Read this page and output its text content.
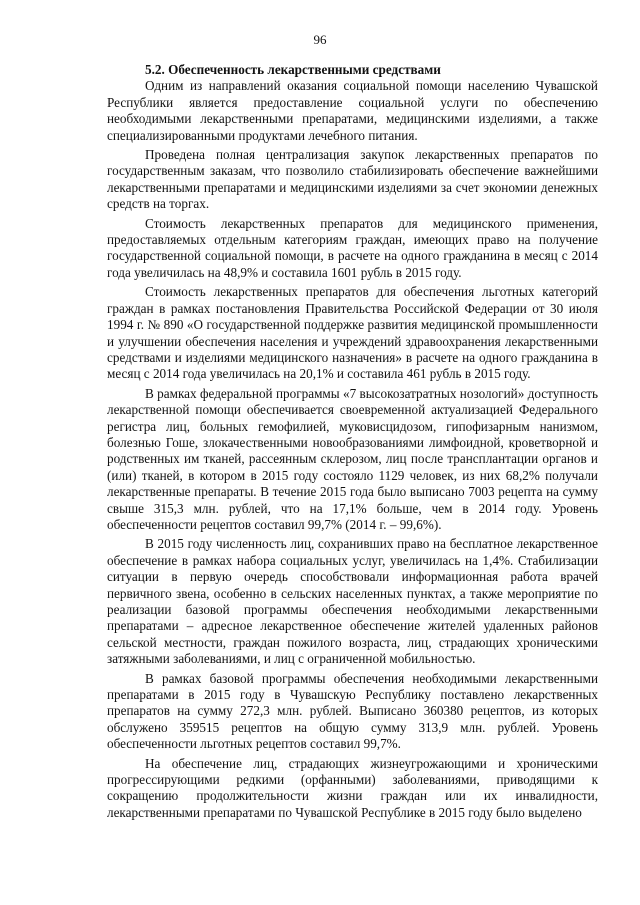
96

5.2. Обеспеченность лекарственными средствами

Одним из направлений оказания социальной помощи населению Чувашской Республики является предоставление социальной услуги по обеспечению необходимыми лекарственными препаратами, медицинскими изделиями, а также специализированными продуктами лечебного питания.

Проведена полная централизация закупок лекарственных препаратов по государственным заказам, что позволило стабилизировать обеспечение важнейшими лекарственными препаратами и медицинскими изделиями за счет экономии денежных средств на торгах.

Стоимость лекарственных препаратов для медицинского применения, предоставляемых отдельным категориям граждан, имеющих право на получение государственной социальной помощи, в расчете на одного гражданина в месяц с 2014 года увеличилась на 48,9% и составила 1601 рубль в 2015 году.

Стоимость лекарственных препаратов для обеспечения льготных категорий граждан в рамках постановления Правительства Российской Федерации от 30 июля 1994 г. № 890 «О государственной поддержке развития медицинской промышленности и улучшении обеспечения населения и учреждений здравоохранения лекарственными средствами и изделиями медицинского назначения» в расчете на одного гражданина в месяц с 2014 года увеличилась на 20,1% и составила 461 рубль в 2015 году.

В рамках федеральной программы «7 высокозатратных нозологий» доступность лекарственной помощи обеспечивается своевременной актуализацией Федерального регистра лиц, больных гемофилией, муковисцидозом, гипофизарным нанизмом, болезнью Гоше, злокачественными новообразованиями лимфоидной, кроветворной и родственных им тканей, рассеянным склерозом, лиц после трансплантации органов и (или) тканей, в котором в 2015 году состояло 1129 человек, из них 68,2% получали лекарственные препараты. В течение 2015 года было выписано 7003 рецепта на сумму свыше 315,3 млн. рублей, что на 17,1% больше, чем в 2014 году. Уровень обеспеченности рецептов составил 99,7% (2014 г. – 99,6%).

В 2015 году численность лиц, сохранивших право на бесплатное лекарственное обеспечение в рамках набора социальных услуг, увеличилась на 1,4%. Стабилизации ситуации в первую очередь способствовали информационная работа врачей первичного звена, особенно в сельских населенных пунктах, а также мероприятие по реализации базовой программы обеспечения необходимыми лекарственными препаратами – адресное лекарственное обеспечение жителей удаленных районов сельской местности, граждан пожилого возраста, лиц, страдающих хроническими затяжными заболеваниями, и лиц с ограниченной мобильностью.

В рамках базовой программы обеспечения необходимыми лекарственными препаратами в 2015 году в Чувашскую Республику поставлено лекарственных препаратов на сумму 272,3 млн. рублей. Выписано 360380 рецептов, из которых обслужено 359515 рецептов на общую сумму 313,9 млн. рублей. Уровень обеспеченности льготных рецептов составил 99,7%.

На обеспечение лиц, страдающих жизнеугрожающими и хроническими прогрессирующими редкими (орфанными) заболеваниями, приводящими к сокращению продолжительности жизни граждан или их инвалидности, лекарственными препаратами по Чувашской Республике в 2015 году было выделено
